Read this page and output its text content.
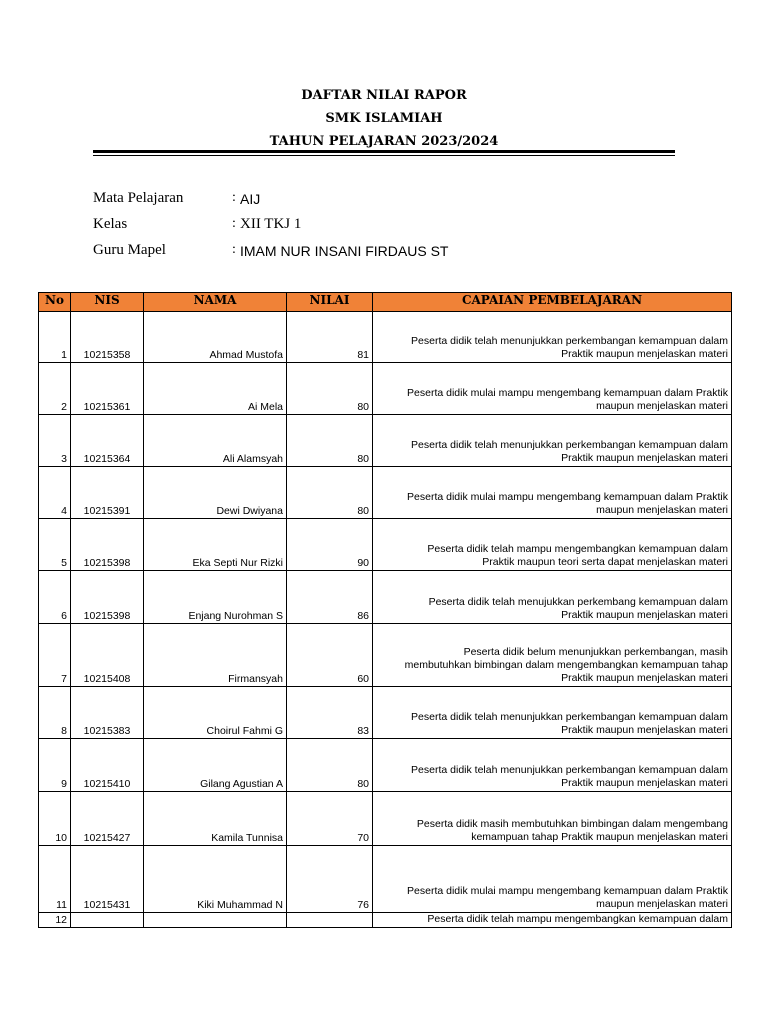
DAFTAR NILAI RAPOR
SMK ISLAMIAH
TAHUN PELAJARAN 2023/2024
Mata Pelajaran	: AIJ
Kelas	: XII TKJ 1
Guru Mapel	: IMAM NUR INSANI FIRDAUS ST
No	NIS	NAMA	NILAI	CAPAIAN PEMBELAJARAN
1	10215358	Ahmad Mustofa	81	Peserta didik telah menunjukkan perkembangan kemampuan dalam
Praktik maupun menjelaskan materi

2	10215361	Ai Mela	80	Peserta didik mulai mampu mengembang kemampuan dalam Praktik
maupun menjelaskan materi

3	10215364	Ali Alamsyah	80	Peserta didik telah menunjukkan perkembangan kemampuan dalam
Praktik maupun menjelaskan materi

4	10215391	Dewi Dwiyana	80	Peserta didik mulai mampu mengembang kemampuan dalam Praktik
maupun menjelaskan materi

5	10215398	Eka Septi Nur Rizki	90	Peserta didik telah mampu mengembangkan kemampuan dalam
Praktik maupun teori serta dapat menjelaskan materi

6	10215398	Enjang Nurohman S	86	Peserta didik telah menujukkan perkembang kemampuan dalam
Praktik maupun menjelaskan materi

7	10215408	Firmansyah	60	Peserta didik belum menunjukkan perkembangan, masih
membutuhkan bimbingan dalam mengembangkan kemampuan tahap
Praktik maupun menjelaskan materi

8	10215383	Choirul Fahmi G	83	Peserta didik telah menunjukkan perkembangan kemampuan dalam
Praktik maupun menjelaskan materi

9	10215410	Gilang Agustian A	80	Peserta didik telah menunjukkan perkembangan kemampuan dalam
Praktik maupun menjelaskan materi

10	10215427	Kamila Tunnisa	70	Peserta didik masih membutuhkan bimbingan dalam mengembang
kemampuan tahap Praktik maupun menjelaskan materi

11	10215431	Kiki Muhammad N	76	Peserta didik mulai mampu mengembang kemampuan dalam Praktik
maupun menjelaskan materi

12				Peserta didik telah mampu mengembangkan kemampuan dalam
